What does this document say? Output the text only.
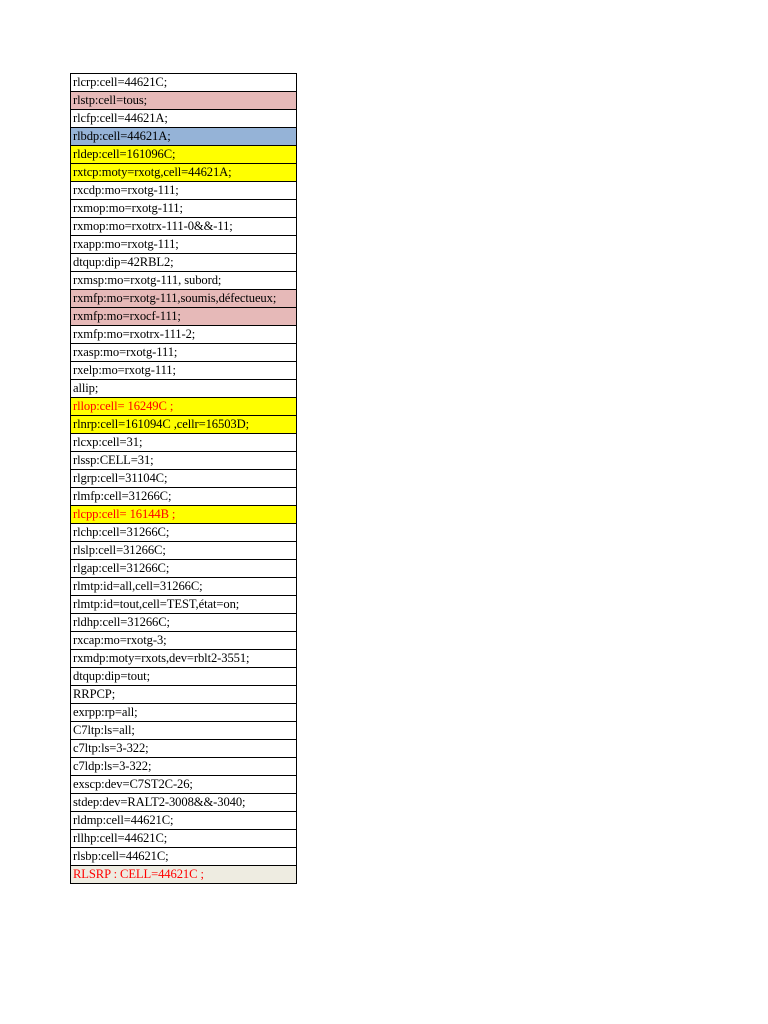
rlcrp:cell=44621C;
rlstp:cell=tous;
rlcfp:cell=44621A;
rlbdp:cell=44621A;
rldep:cell=161096C;
rxtcp:moty=rxotg,cell=44621A;
rxcdp:mo=rxotg-111;
rxmop:mo=rxotg-111;
rxmop:mo=rxotrx-111-0&&-11;
rxapp:mo=rxotg-111;
dtqup:dip=42RBL2;
rxmsp:mo=rxotg-111, subord;
rxmfp:mo=rxotg-111,soumis,défectueux;
rxmfp:mo=rxocf-111;
rxmfp:mo=rxotrx-111-2;
rxasp:mo=rxotg-111;
rxelp:mo=rxotg-111;
allip;
rllop:cell= 16249C ;
rlnrp:cell=161094C ,cellr=16503D;
rlcxp:cell=31;
rlssp:CELL=31;
rlgrp:cell=31104C;
rlmfp:cell=31266C;
rlcpp:cell= 16144B ;
rlchp:cell=31266C;
rlslp:cell=31266C;
rlgap:cell=31266C;
rlmtp:id=all,cell=31266C;
rlmtp:id=tout,cell=TEST,état=on;
rldhp:cell=31266C;
rxcap:mo=rxotg-3;
rxmdp:moty=rxots,dev=rblt2-3551;
dtqup:dip=tout;
RRPCP;
exrpp:rp=all;
C7ltp:ls=all;
c7ltp:ls=3-322;
c7ldp:ls=3-322;
exscp:dev=C7ST2C-26;
stdep:dev=RALT2-3008&&-3040;
rldmp:cell=44621C;
rllhp:cell=44621C;
rlsbp:cell=44621C;
RLSRP : CELL=44621C ;
